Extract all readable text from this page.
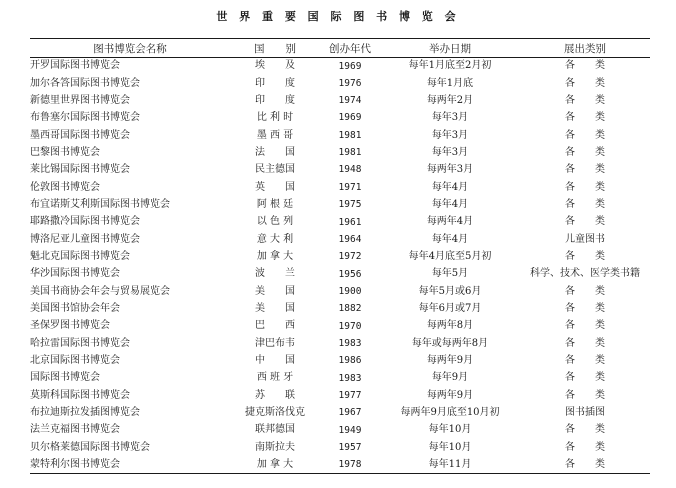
世 界 重 要 国 际 图 书 博 览 会
图书博览会名称	国　　别	创办年代	举办日期	展出类别
开罗国际图书博览会	埃　　及	1969	每年1月底至2月初	各　　类
加尔各答国际图书博览会	印　　度	1976	每年1月底	各　　类
新德里世界图书博览会	印　　度	1974	每两年2月	各　　类
布鲁塞尔国际图书博览会	比 利 时	1969	每年3月	各　　类
墨西哥国际图书博览会	墨 西 哥	1981	每年3月	各　　类
巴黎图书博览会	法　　国	1981	每年3月	各　　类
莱比锡国际图书博览会	民主德国	1948	每两年3月	各　　类
伦敦图书博览会	英　　国	1971	每年4月	各　　类
布宜诺斯艾利斯国际图书博览会	阿 根 廷	1975	每年4月	各　　类
耶路撒冷国际图书博览会	以 色 列	1961	每两年4月	各　　类
博洛尼亚儿童图书博览会	意 大 利	1964	每年4月	儿童图书
魁北克国际图书博览会	加 拿 大	1972	每年4月底至5月初	各　　类
华沙国际图书博览会	波　　兰	1956	每年5月	科学、技术、医学类书籍
美国书商协会年会与贸易展览会	美　　国	1900	每年5月或6月	各　　类
美国图书馆协会年会	美　　国	1882	每年6月或7月	各　　类
圣保罗图书博览会	巴　　西	1970	每两年8月	各　　类
哈拉雷国际图书博览会	津巴布韦	1983	每年或每两年8月	各　　类
北京国际图书博览会	中　　国	1986	每两年9月	各　　类
国际图书博览会	西 班 牙	1983	每年9月	各　　类
莫斯科国际图书博览会	苏　　联	1977	每两年9月	各　　类
布拉迪斯拉发插图博览会	捷克斯洛伐克	1967	每两年9月底至10月初	图书插图
法兰克福图书博览会	联邦德国	1949	每年10月	各　　类
贝尔格莱德国际图书博览会	南斯拉夫	1957	每年10月	各　　类
蒙特利尔图书博览会	加 拿 大	1978	每年11月	各　　类
